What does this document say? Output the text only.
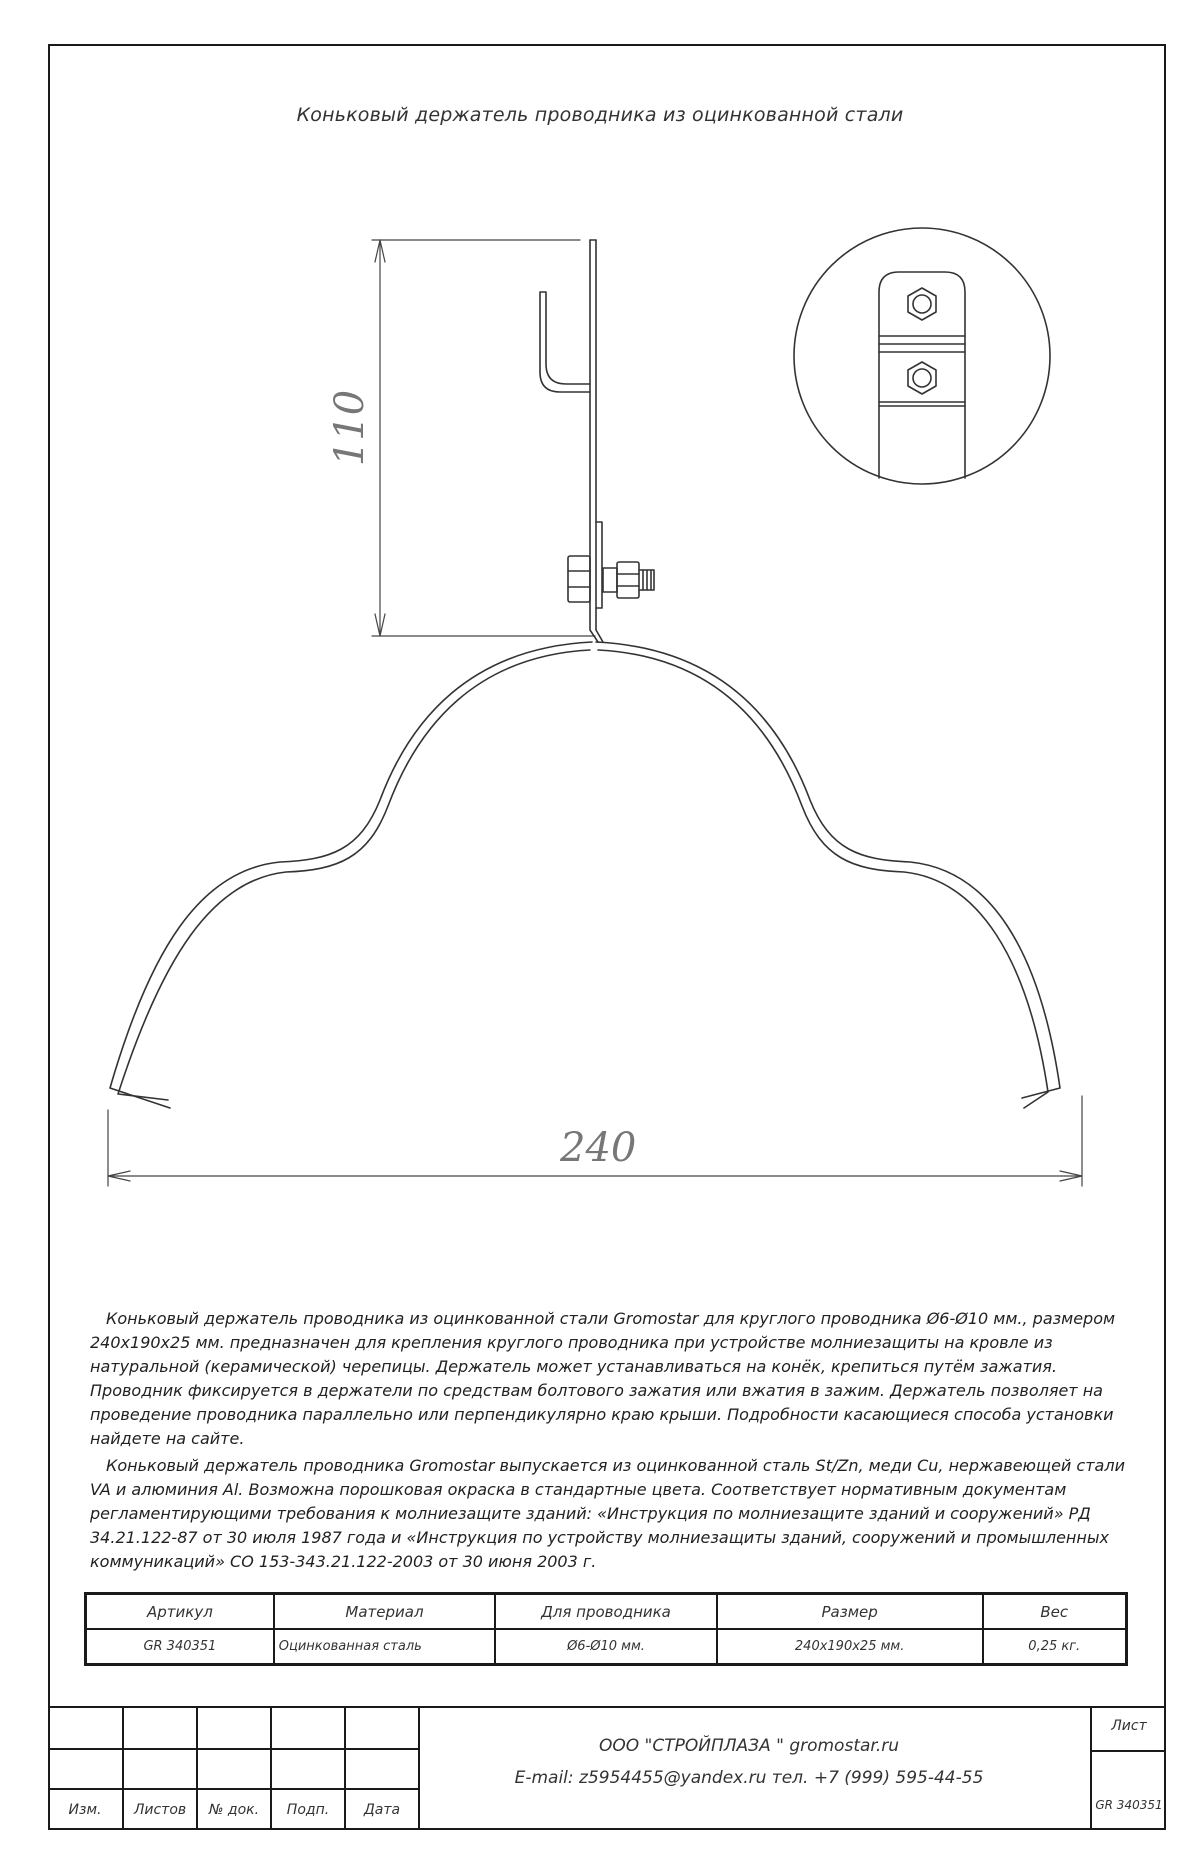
Коньковый держатель проводника из оцинкованной стали
110
240

Коньковый держатель проводника из оцинкованной стали Gromostar для круглого проводника Ø6-Ø10 мм., размером 240х190х25 мм. предназначен для крепления круглого проводника при устройстве молниезащиты на кровле из натуральной (керамической) черепицы. Держатель может устанавливаться на конёк, крепиться путём зажатия. Проводник фиксируется в держатели по средствам болтового зажатия или вжатия в зажим. Держатель позволяет на проведение проводника параллельно или перпендикулярно краю крыши. Подробности касающиеся способа установки найдете на сайте.

Коньковый держатель проводника Gromostar выпускается из оцинкованной сталь St/Zn, меди Cu, нержавеющей стали VA и алюминия Al. Возможна порошковая окраска в стандартные цвета. Соответствует нормативным документам регламентирующими требования к молниезащите зданий: «Инструкция по молниезащите зданий и сооружений» РД 34.21.122-87 от 30 июля 1987 года и «Инструкция по устройству молниезащиты зданий, сооружений и промышленных коммуникаций» СО 153-343.21.122-2003 от 30 июня 2003 г.

Артикул	Материал	Для проводника	Размер	Вес
GR 340351	Оцинкованная сталь	Ø6-Ø10 мм.	240х190х25 мм.	0,25 кг.
Изм.	Листов	№ док.	Подп.	Дата
ООО "СТРОЙПЛАЗА " gromostar.ru
E-mail: z5954455@yandex.ru тел. +7 (999) 595-44-55
Лист
GR 340351
